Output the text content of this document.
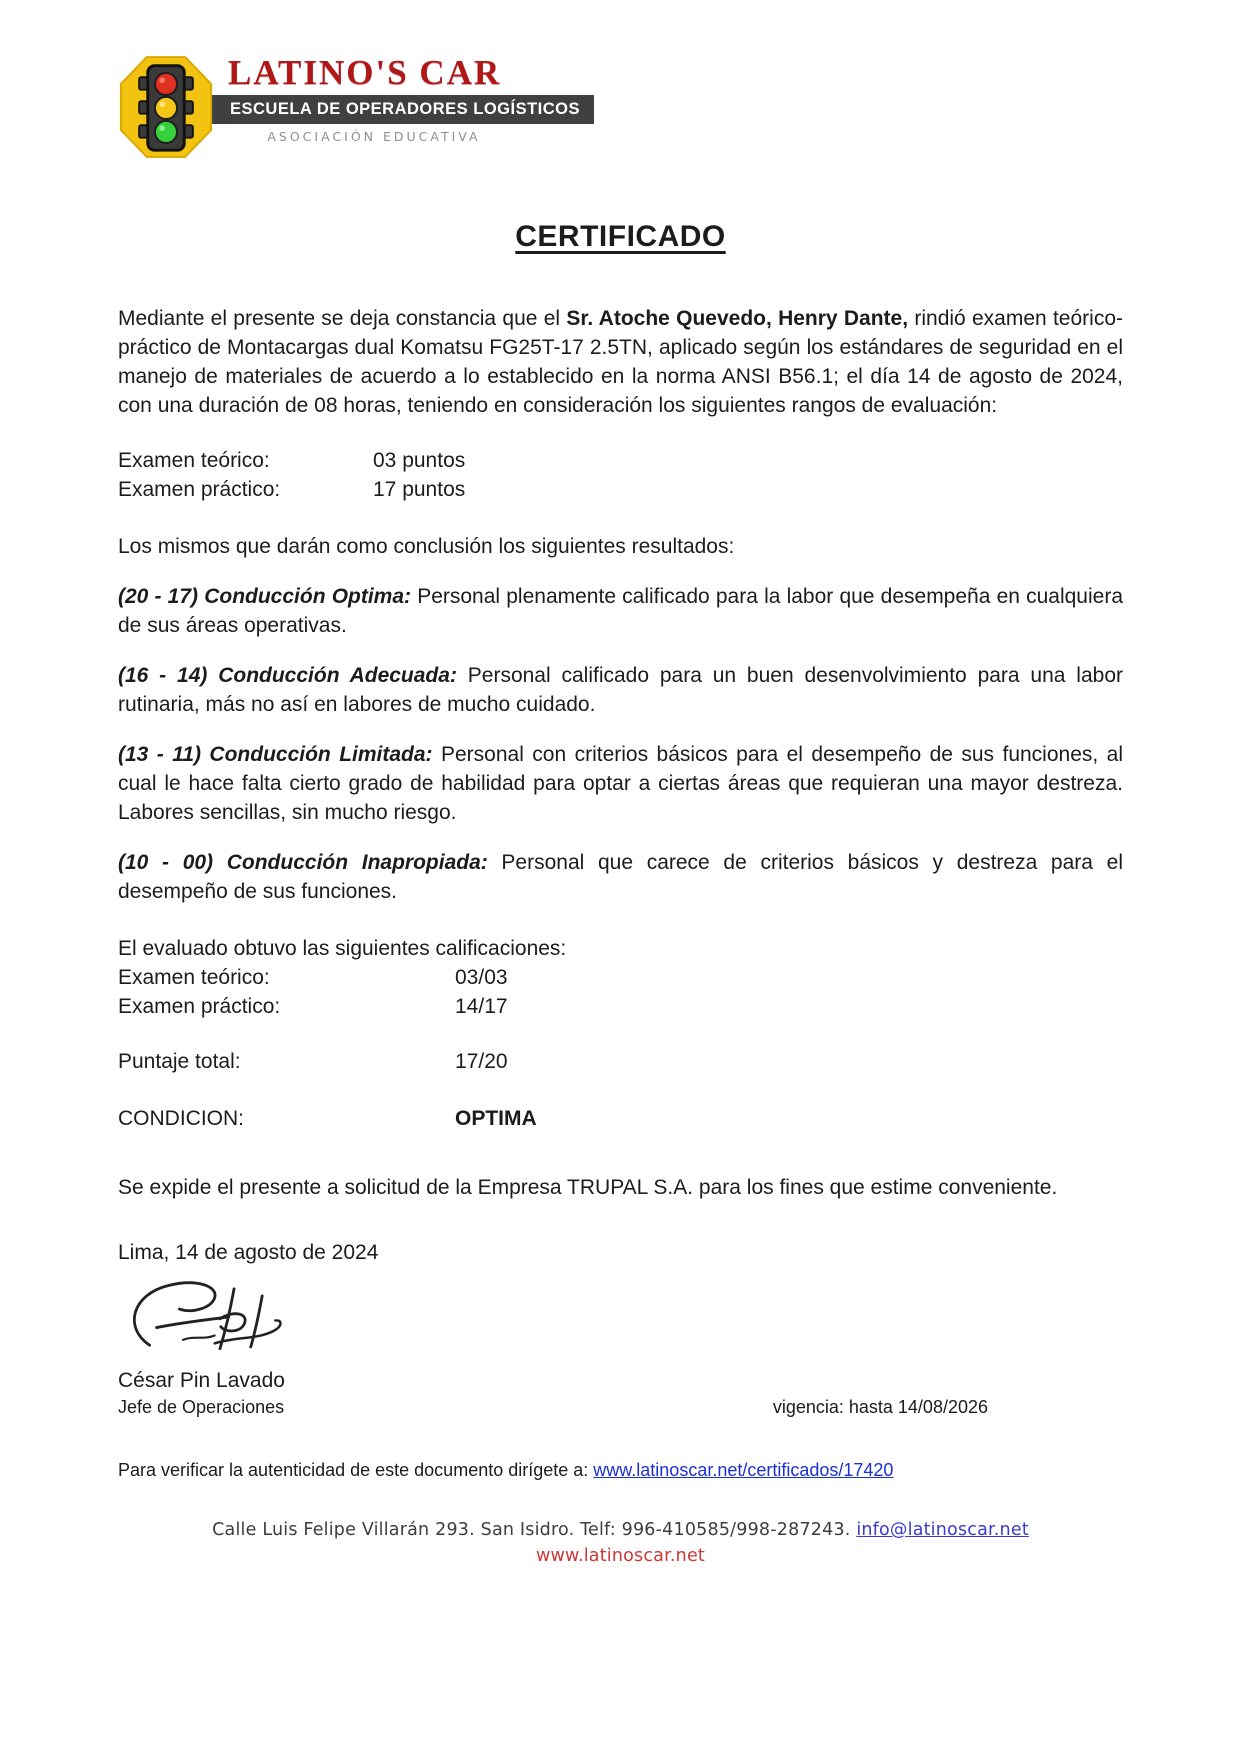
LATINO'S CAR
ESCUELA DE OPERADORES LOGÍSTICOS
ASOCIACIÓN EDUCATIVA
CERTIFICADO

Mediante el presente se deja constancia que el Sr. Atoche Quevedo, Henry Dante, rindió examen teórico-práctico de Montacargas dual Komatsu FG25T-17 2.5TN, aplicado según los estándares de seguridad en el manejo de materiales de acuerdo a lo establecido en la norma ANSI B56.1; el día 14 de agosto de 2024, con una duración de 08 horas, teniendo en consideración los siguientes rangos de evaluación:

Examen teórico:	03 puntos
Examen práctico:	17 puntos

Los mismos que darán como conclusión los siguientes resultados:

(20 - 17) Conducción Optima: Personal plenamente calificado para la labor que desempeña en cualquiera de sus áreas operativas.

(16 - 14) Conducción Adecuada: Personal calificado para un buen desenvolvimiento para una labor rutinaria, más no así en labores de mucho cuidado.

(13 - 11) Conducción Limitada: Personal con criterios básicos para el desempeño de sus funciones, al cual le hace falta cierto grado de habilidad para optar a ciertas áreas que requieran una mayor destreza. Labores sencillas, sin mucho riesgo.

(10 - 00) Conducción Inapropiada: Personal que carece de criterios básicos y destreza para el desempeño de sus funciones.

El evaluado obtuvo las siguientes calificaciones:
Examen teórico:	03/03
Examen práctico:	14/17
Puntaje total:	17/20
CONDICION:	OPTIMA

Se expide el presente a solicitud de la Empresa TRUPAL S.A. para los fines que estime conveniente.

Lima, 14 de agosto de 2024
César Pin Lavado
Jefe de Operaciones	vigencia: hasta 14/08/2026
Para verificar la autenticidad de este documento dirígete a: www.latinoscar.net/certificados/17420
Calle Luis Felipe Villarán 293. San Isidro. Telf: 996-410585/998-287243. info@latinoscar.net
www.latinoscar.net
